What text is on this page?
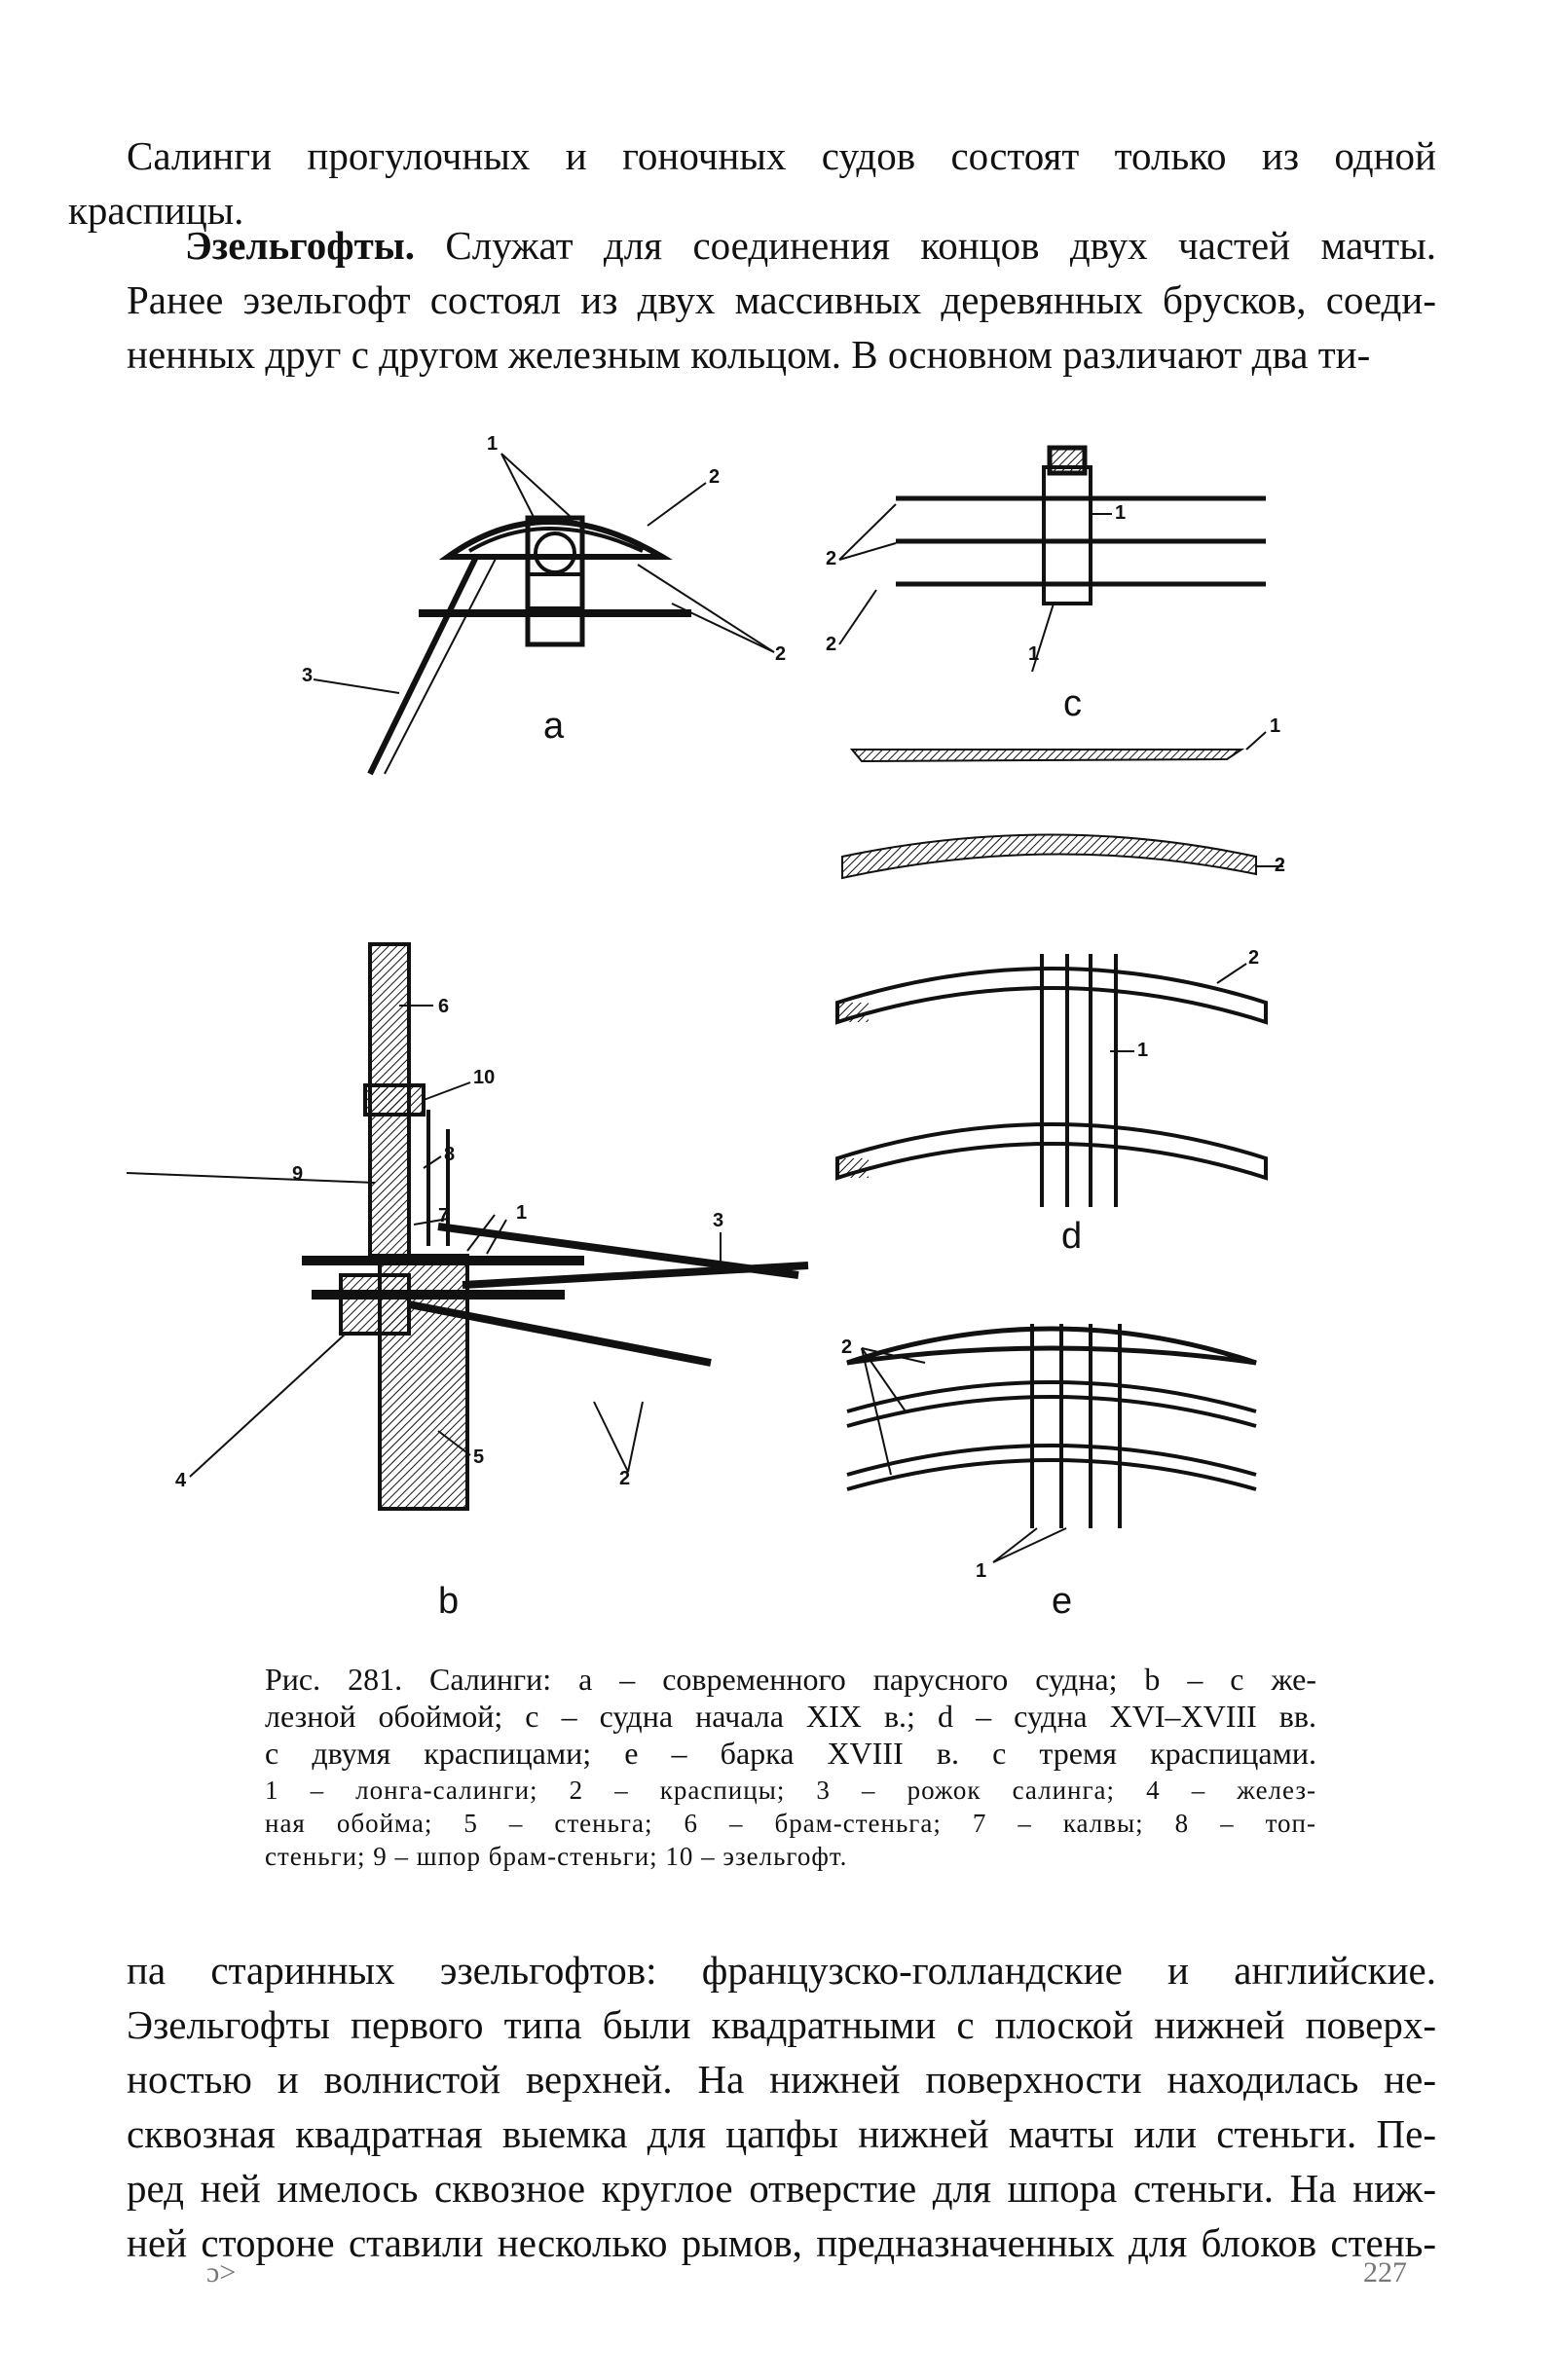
Салинги прогулочных и гоночных судов состоят только из одной
краспицы.
Эзельгофты. Служат для соединения концов двух частей мачты.
Ранее эзельгофт состоял из двух массивных деревянных брусков, соеди-
ненных друг с другом железным кольцом. В основном различают два ти-
a
b
c
d
e
1
2
2
3
1
2
2	1
1
2
2
1
6
10
8
9
3
7	1
4
5
2
2
1
Рис. 281. Салинги: а – современного парусного судна; b – с же-
лезной обоймой; с – судна начала XIX в.; d – судна XVI–XVIII вв.
с двумя краспицами; е – барка XVIII в. с тремя краспицами.
1 – лонга-салинги; 2 – краспицы; 3 – рожок салинга; 4 – желез-
ная обойма; 5 – стеньга; 6 – брам-стеньга; 7 – калвы; 8 – топ-
стеньги; 9 – шпор брам-стеньги; 10 – эзельгофт.
па старинных эзельгофтов: французско-голландские и английские.
Эзельгофты первого типа были квадратными с плоской нижней поверх-
ностью и волнистой верхней. На нижней поверхности находилась не-
сквозная квадратная выемка для цапфы нижней мачты или стеньги. Пе-
ред ней имелось сквозное круглое отверстие для шпора стеньги. На ниж-
ней стороне ставили несколько рымов, предназначенных для блоков стень-
ɔ˃	227
